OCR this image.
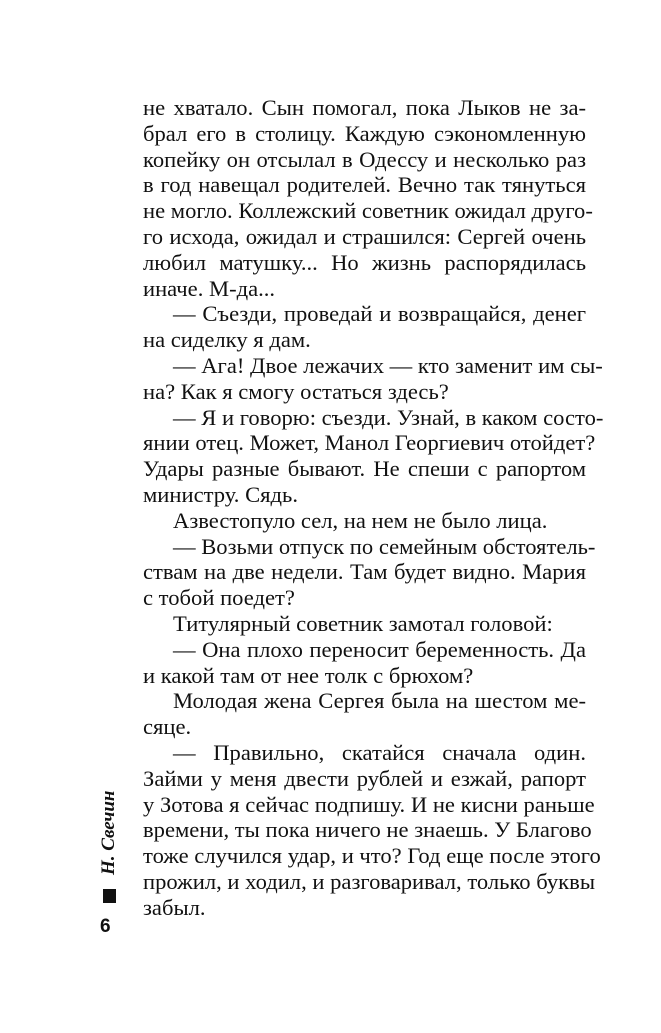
не хватало. Сын помогал, пока Лыков не за-
брал его в столицу. Каждую сэкономленную
копейку он отсылал в Одессу и несколько раз
в год навещал родителей. Вечно так тянуться
не могло. Коллежский советник ожидал друго-
го исхода, ожидал и страшился: Сергей очень
любил матушку... Но жизнь распорядилась
иначе. М-да...
— Съезди, проведай и возвращайся, денег
на сиделку я дам.
— Ага! Двое лежачих — кто заменит им сы-
на? Как я смогу остаться здесь?
— Я и говорю: съезди. Узнай, в каком состо-
янии отец. Может, Манол Георгиевич отойдет?
Удары разные бывают. Не спеши с рапортом
министру. Сядь.
Азвестопуло сел, на нем не было лица.
— Возьми отпуск по семейным обстоятель-
ствам на две недели. Там будет видно. Мария
с тобой поедет?
Титулярный советник замотал головой:
— Она плохо переносит беременность. Да
и какой там от нее толк с брюхом?
Молодая жена Сергея была на шестом ме-
сяце.
— Правильно, скатайся сначала один.
Займи у меня двести рублей и езжай, рапорт
у Зотова я сейчас подпишу. И не кисни раньше
времени, ты пока ничего не знаешь. У Благово
тоже случился удар, и что? Год еще после этого
прожил, и ходил, и разговаривал, только буквы
забыл.
Н. Свечин
6
